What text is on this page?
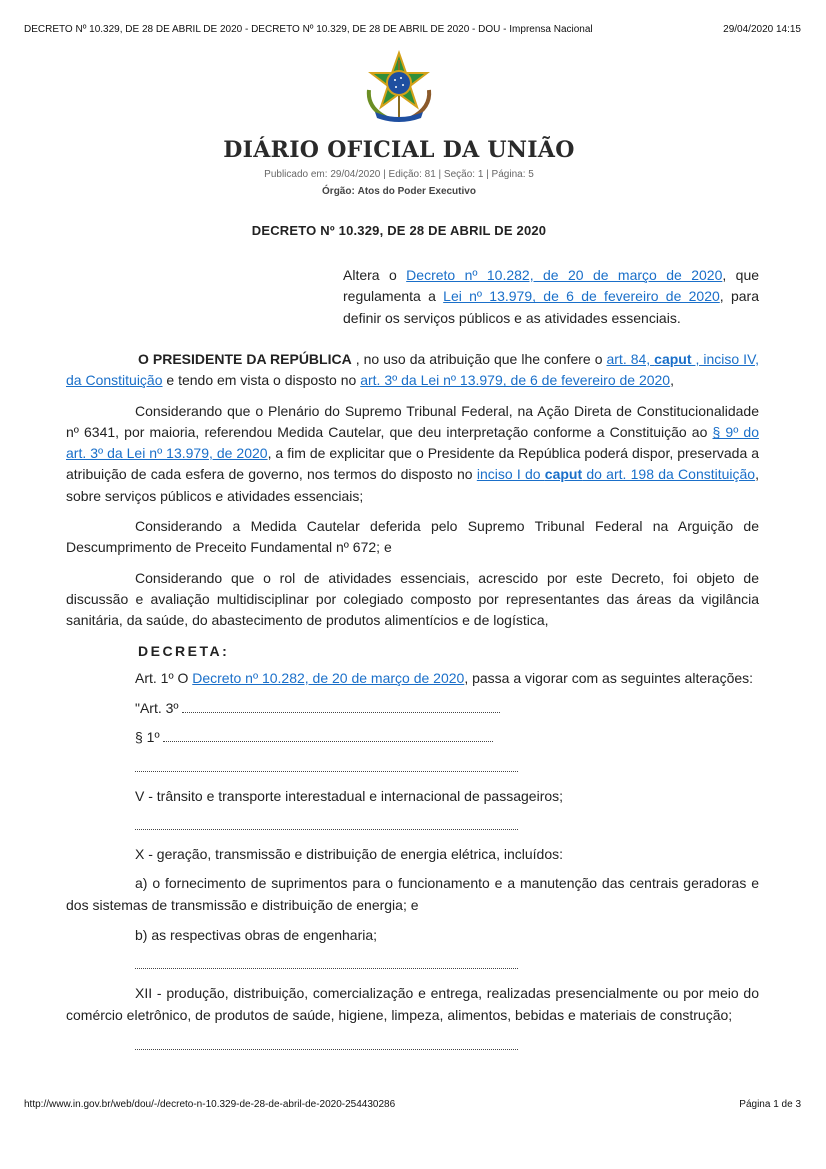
DECRETO Nº 10.329, DE 28 DE ABRIL DE 2020 - DECRETO Nº 10.329, DE 28 DE ABRIL DE 2020 - DOU - Imprensa Nacional	29/04/2020 14:15
DIÁRIO OFICIAL DA UNIÃO
Publicado em: 29/04/2020 | Edição: 81 | Seção: 1 | Página: 5
Órgão: Atos do Poder Executivo
DECRETO Nº 10.329, DE 28 DE ABRIL DE 2020
Altera o Decreto nº 10.282, de 20 de março de 2020, que regulamenta a Lei nº 13.979, de 6 de fevereiro de 2020, para definir os serviços públicos e as atividades essenciais.

O PRESIDENTE DA REPÚBLICA , no uso da atribuição que lhe confere o art. 84, caput , inciso IV, da Constituição e tendo em vista o disposto no art. 3º da Lei nº 13.979, de 6 de fevereiro de 2020,

Considerando que o Plenário do Supremo Tribunal Federal, na Ação Direta de Constitucionalidade nº 6341, por maioria, referendou Medida Cautelar, que deu interpretação conforme a Constituição ao § 9º do art. 3º da Lei nº 13.979, de 2020, a fim de explicitar que o Presidente da República poderá dispor, preservada a atribuição de cada esfera de governo, nos termos do disposto no inciso I do caput do art. 198 da Constituição, sobre serviços públicos e atividades essenciais;

Considerando a Medida Cautelar deferida pelo Supremo Tribunal Federal na Arguição de Descumprimento de Preceito Fundamental nº 672; e

Considerando que o rol de atividades essenciais, acrescido por este Decreto, foi objeto de discussão e avaliação multidisciplinar por colegiado composto por representantes das áreas da vigilância sanitária, da saúde, do abastecimento de produtos alimentícios e de logística,

DECRETA:

Art. 1º O Decreto nº 10.282, de 20 de março de 2020, passa a vigorar com as seguintes alterações:

"Art. 3º

§ 1º

V - trânsito e transporte interestadual e internacional de passageiros;

X - geração, transmissão e distribuição de energia elétrica, incluídos:

a) o fornecimento de suprimentos para o funcionamento e a manutenção das centrais geradoras e dos sistemas de transmissão e distribuição de energia; e

b) as respectivas obras de engenharia;

XII - produção, distribuição, comercialização e entrega, realizadas presencialmente ou por meio do comércio eletrônico, de produtos de saúde, higiene, limpeza, alimentos, bebidas e materiais de construção;

http://www.in.gov.br/web/dou/-/decreto-n-10.329-de-28-de-abril-de-2020-254430286	Página 1 de 3
